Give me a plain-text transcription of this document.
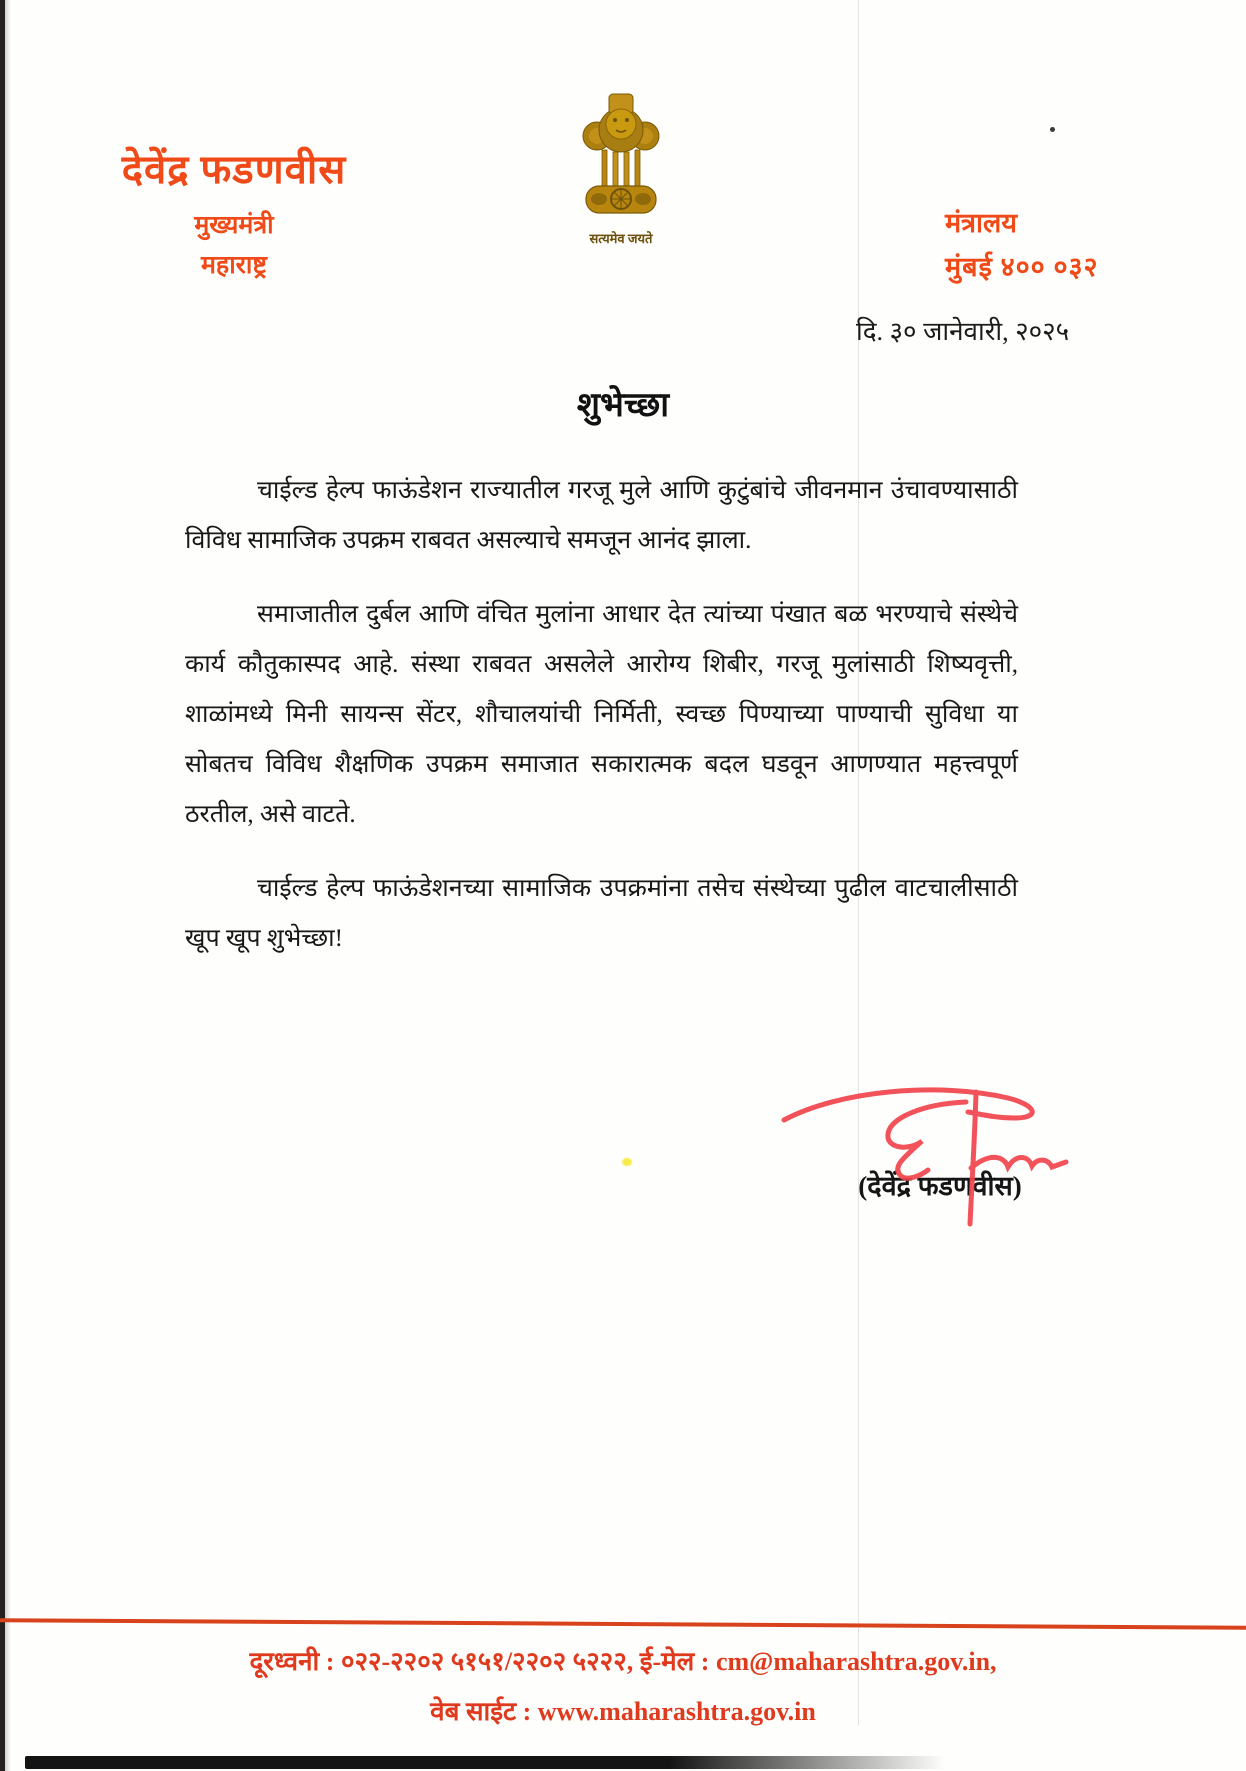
देवेंद्र फडणवीस
मुख्यमंत्री
महाराष्ट्र
सत्यमेव जयते
मंत्रालय
मुंबई ४०० ०३२
दि. ३० जानेवारी, २०२५
शुभेच्छा

चाईल्ड हेल्प फाऊंडेशन राज्यातील गरजू मुले आणि कुटुंबांचे जीवनमान उंचावण्यासाठी विविध सामाजिक उपक्रम राबवत असल्याचे समजून आनंद झाला.

समाजातील दुर्बल आणि वंचित मुलांना आधार देत त्यांच्या पंखात बळ भरण्याचे संस्थेचे कार्य कौतुकास्पद आहे. संस्था राबवत असलेले आरोग्य शिबीर, गरजू मुलांसाठी शिष्यवृत्ती, शाळांमध्ये मिनी सायन्स सेंटर, शौचालयांची निर्मिती, स्वच्छ पिण्याच्या पाण्याची सुविधा या सोबतच विविध शैक्षणिक उपक्रम समाजात सकारात्मक बदल घडवून आणण्यात महत्त्वपूर्ण ठरतील, असे वाटते.

चाईल्ड हेल्प फाऊंडेशनच्या सामाजिक उपक्रमांना तसेच संस्थेच्या पुढील वाटचालीसाठी खूप खूप शुभेच्छा!

(देवेंद्र फडणवीस)
दूरध्वनी : ०२२-२२०२ ५१५१/२२०२ ५२२२, ई-मेल : cm@maharashtra.gov.in,
वेब साईट : www.maharashtra.gov.in
